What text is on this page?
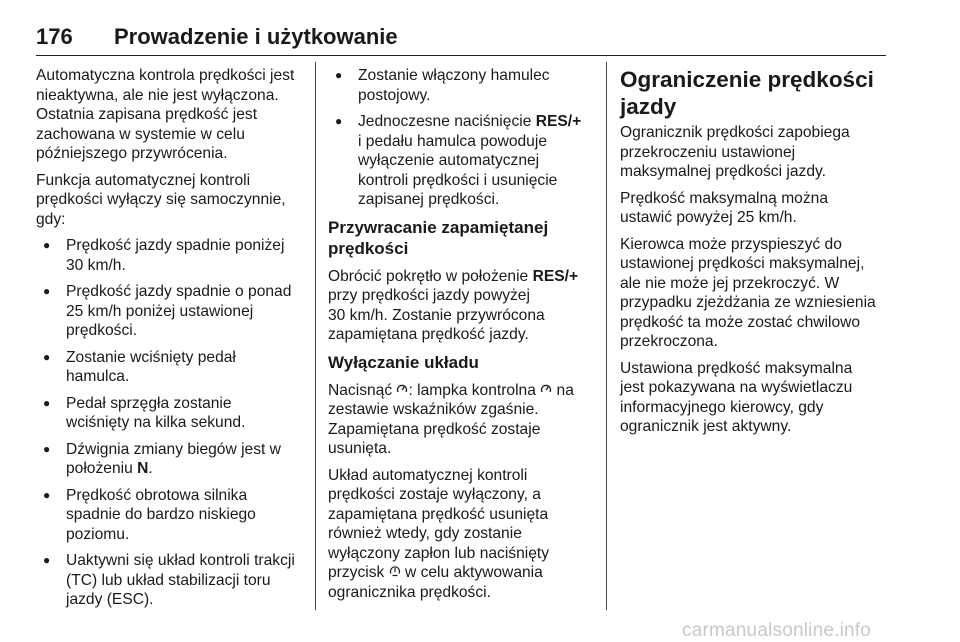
176 Prowadzenie i użytkowanie

Automatyczna kontrola prędkości jest
nieaktywna, ale nie jest wyłączona.
Ostatnia zapisana prędkość jest
zachowana w systemie w celu
późniejszego przywrócenia.

Funkcja automatycznej kontroli
prędkości wyłączy się samoczynnie,
gdy:

● Prędkość jazdy spadnie poniżej
30 km/h.
● Prędkość jazdy spadnie o ponad
25 km/h poniżej ustawionej
prędkości.
● Zostanie wciśnięty pedał
hamulca.
● Pedał sprzęgła zostanie
wciśnięty na kilka sekund.
● Dźwignia zmiany biegów jest w
położeniu N.
● Prędkość obrotowa silnika
spadnie do bardzo niskiego
poziomu.
● Uaktywni się układ kontroli trakcji
(TC) lub układ stabilizacji toru
jazdy (ESC).
● Zostanie włączony hamulec
postojowy.
● Jednoczesne naciśnięcie RES/+
i pedału hamulca powoduje
wyłączenie automatycznej
kontroli prędkości i usunięcie
zapisanej prędkości.
Przywracanie zapamiętanej
prędkości

Obrócić pokrętło w położenie RES/+
przy prędkości jazdy powyżej
30 km/h. Zostanie przywrócona
zapamiętana prędkość jazdy.

Wyłączanie układu

Nacisnąć : lampka kontrolna  na
zestawie wskaźników zgaśnie.
Zapamiętana prędkość zostaje
usunięta.

Układ automatycznej kontroli
prędkości zostaje wyłączony, a
zapamiętana prędkość usunięta
również wtedy, gdy zostanie
wyłączony zapłon lub naciśnięty
przycisk  w celu aktywowania
ogranicznika prędkości.

Ograniczenie prędkości
jazdy

Ogranicznik prędkości zapobiega
przekroczeniu ustawionej
maksymalnej prędkości jazdy.

Prędkość maksymalną można
ustawić powyżej 25 km/h.

Kierowca może przyspieszyć do
ustawionej prędkości maksymalnej,
ale nie może jej przekroczyć. W
przypadku zjeżdżania ze wzniesienia
prędkość ta może zostać chwilowo
przekroczona.

Ustawiona prędkość maksymalna
jest pokazywana na wyświetlaczu
informacyjnego kierowcy, gdy
ogranicznik jest aktywny.

carmanualsonline.info
